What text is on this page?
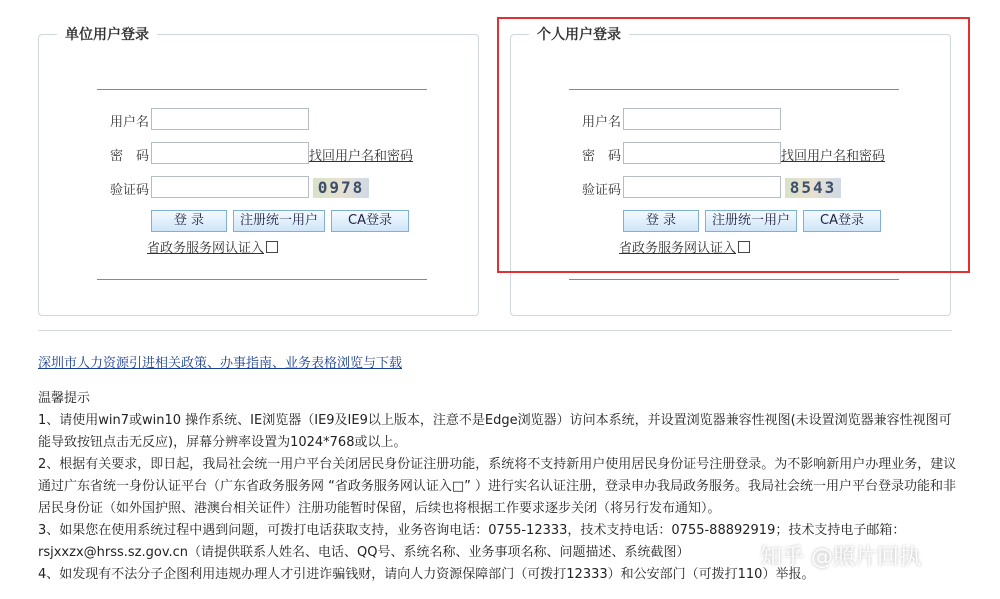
单位用户登录
用户名
密　码	找回用户名和密码
验证码	0978
登 录	注册统一用户	CA登录
省政务服务网认证入
个人用户登录
用户名
密　码	找回用户名和密码
验证码	8543
登 录	注册统一用户	CA登录
省政务服务网认证入
深圳市人力资源引进相关政策、办事指南、业务表格浏览与下载

温馨提示

1、请使用win7或win10 操作系统、IE浏览器（IE9及IE9以上版本，注意不是Edge浏览器）访问本系统，并设置浏览器兼容性视图(未设置浏览器兼容性视图可能导致按钮点击无反应)，屏幕分辨率设置为1024*768或以上。

2、根据有关要求，即日起，我局社会统一用户平台关闭居民身份证注册功能，系统将不支持新用户使用居民身份证号注册登录。为不影响新用户办理业务，建议通过广东省统一身份认证平台（广东省政务服务网 “省政务服务网认证入□” ）进行实名认证注册，登录申办我局政务服务。我局社会统一用户平台登录功能和非居民身份证（如外国护照、港澳台相关证件）注册功能暂时保留，后续也将根据工作要求逐步关闭（将另行发布通知）。

3、如果您在使用系统过程中遇到问题，可拨打电话获取支持，业务咨询电话：0755-12333，技术支持电话：0755-88892919；技术支持电子邮箱：rsjxxzx@hrss.sz.gov.cn（请提供联系人姓名、电话、QQ号、系统名称、业务事项名称、问题描述、系统截图）

4、如发现有不法分子企图利用违规办理人才引进诈骗钱财，请向人力资源保障部门（可拨打12333）和公安部门（可拨打110）举报。

知乎 @照片回执
